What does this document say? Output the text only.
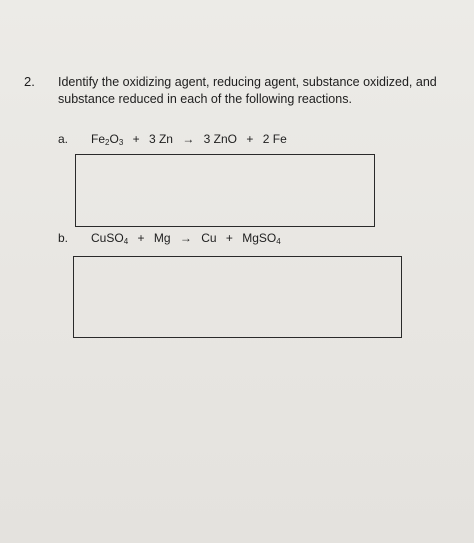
2. Identify the oxidizing agent, reducing agent, substance oxidized, and substance reduced in each of the following reactions.
a. $Fe_2O_3 + 3$ Zn → 3 ZnO + 2 Fe
b. CuSO$_4$ + Mg → Cu + MgSO$_4$
